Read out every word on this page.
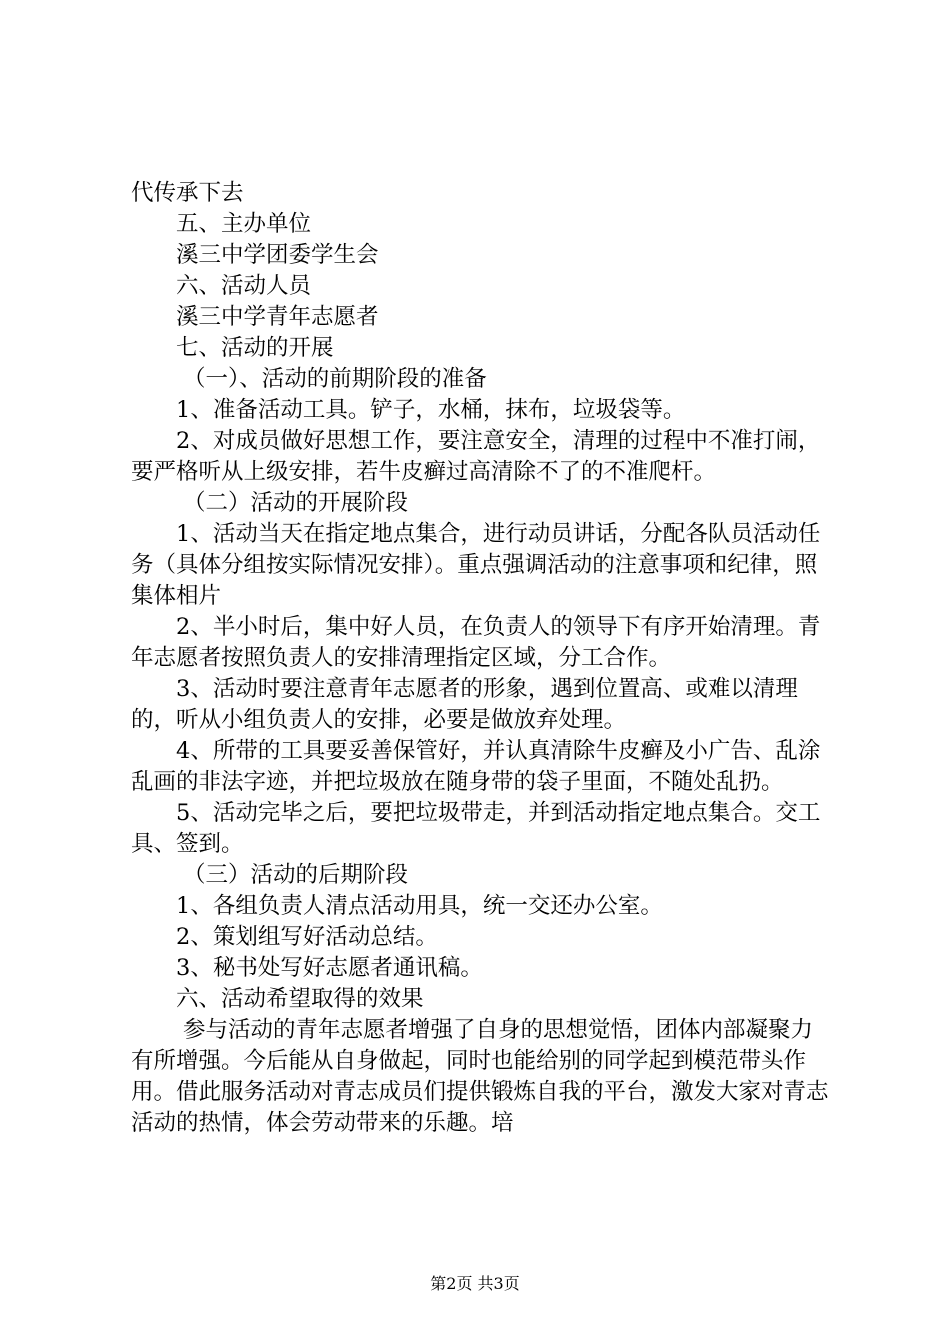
代传承下去

五、主办单位

溪三中学团委学生会

六、活动人员

溪三中学青年志愿者

七、活动的开展

（一）、活动的前期阶段的准备

1、准备活动工具。铲子，水桶，抹布，垃圾袋等。

2、对成员做好思想工作，要注意安全，清理的过程中不准打闹，要严格听从上级安排，若牛皮癣过高清除不了的不准爬杆。

（二）活动的开展阶段

1、活动当天在指定地点集合，进行动员讲话，分配各队员活动任务（具体分组按实际情况安排）。重点强调活动的注意事项和纪律，照集体相片

2、半小时后，集中好人员，在负责人的领导下有序开始清理。青年志愿者按照负责人的安排清理指定区域，分工合作。

3、活动时要注意青年志愿者的形象，遇到位置高、或难以清理的，听从小组负责人的安排，必要是做放弃处理。

4、所带的工具要妥善保管好，并认真清除牛皮癣及小广告、乱涂乱画的非法字迹，并把垃圾放在随身带的袋子里面，不随处乱扔。

5、活动完毕之后，要把垃圾带走，并到活动指定地点集合。交工具、签到。

（三）活动的后期阶段

1、各组负责人清点活动用具，统一交还办公室。

2、策划组写好活动总结。

3、秘书处写好志愿者通讯稿。

六、活动希望取得的效果

参与活动的青年志愿者增强了自身的思想觉悟，团体内部凝聚力有所增强。今后能从自身做起，同时也能给别的同学起到模范带头作用。借此服务活动对青志成员们提供锻炼自我的平台，激发大家对青志活动的热情，体会劳动带来的乐趣。培

第2页 共3页
